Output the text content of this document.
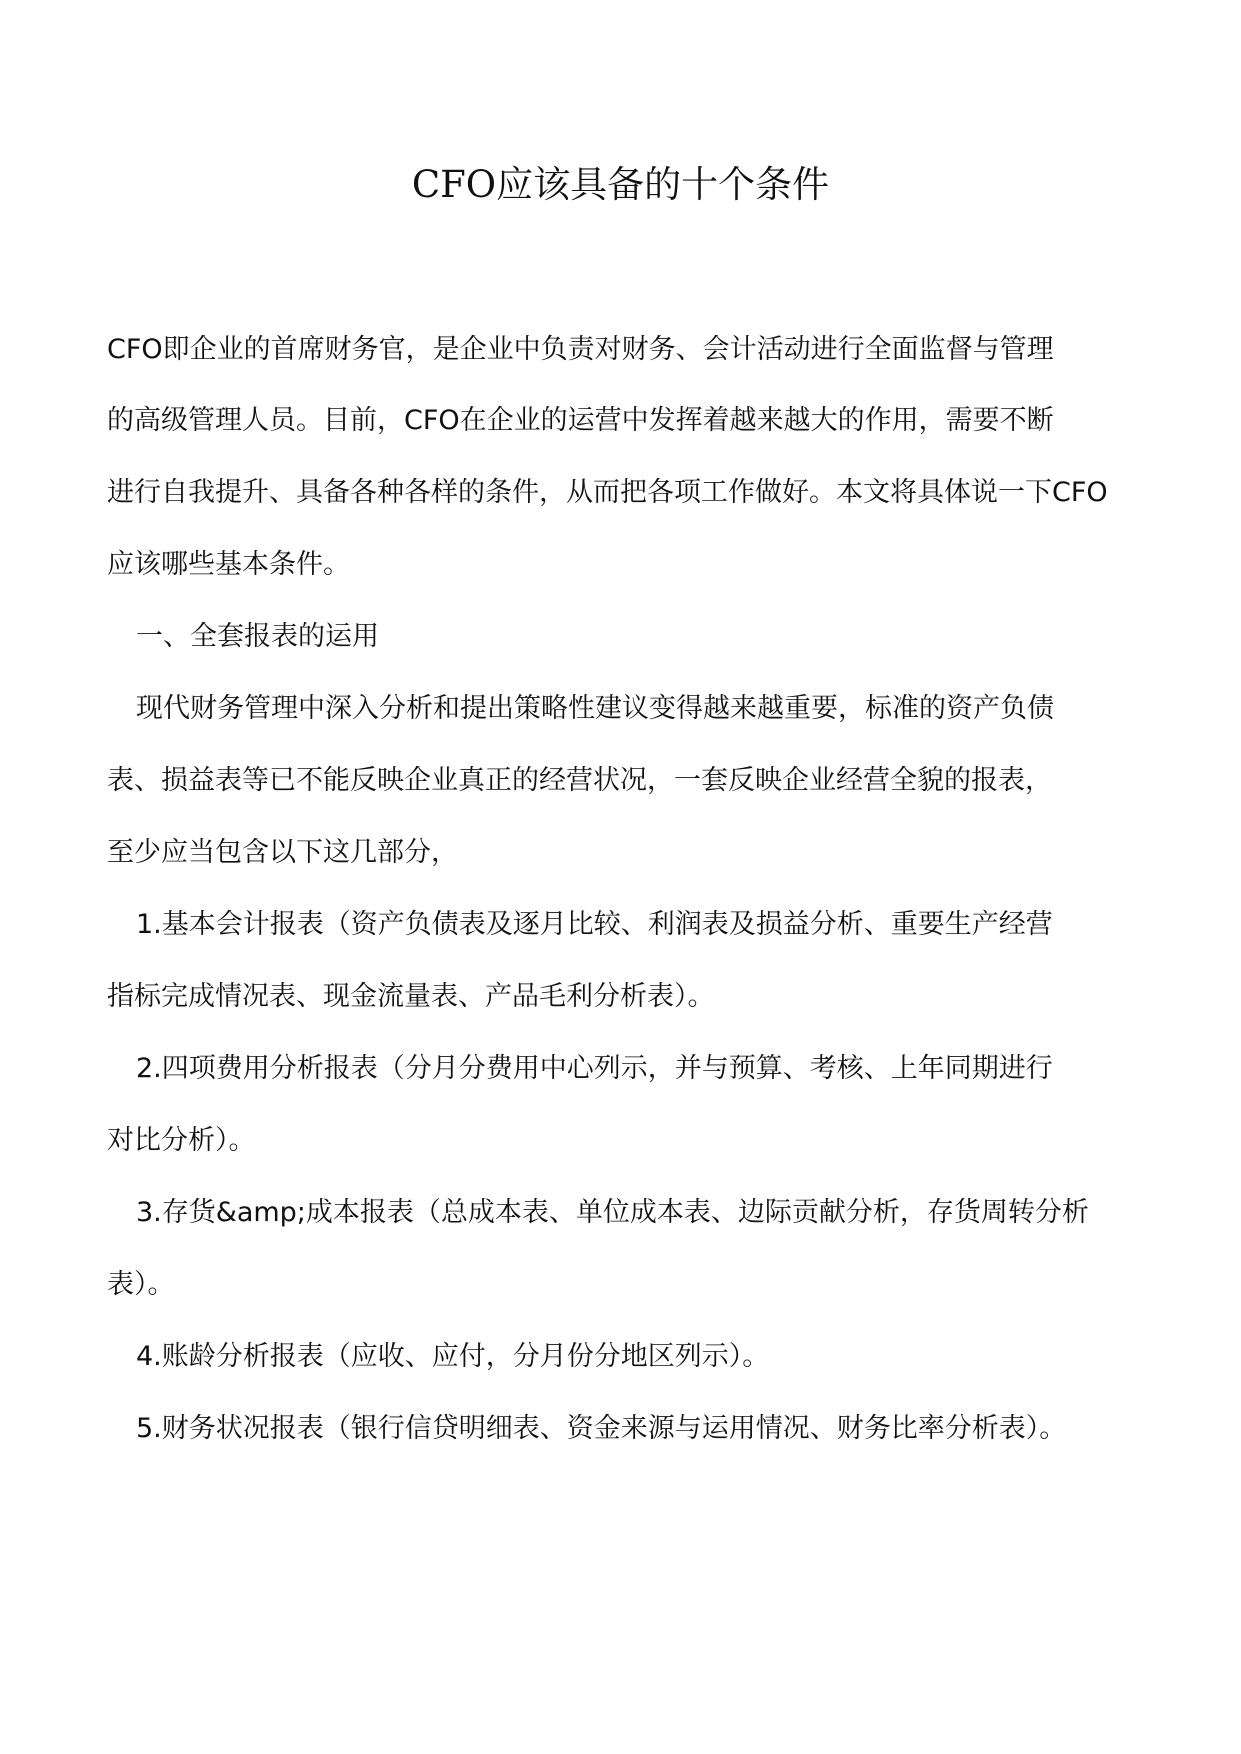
CFO应该具备的十个条件

CFO即企业的首席财务官，是企业中负责对财务、会计活动进行全面监督与管理

的高级管理人员。目前，CFO在企业的运营中发挥着越来越大的作用，需要不断

进行自我提升、具备各种各样的条件，从而把各项工作做好。本文将具体说一下CFO

应该哪些基本条件。

一、全套报表的运用

现代财务管理中深入分析和提出策略性建议变得越来越重要，标准的资产负债

表、损益表等已不能反映企业真正的经营状况，一套反映企业经营全貌的报表，

至少应当包含以下这几部分，

1.基本会计报表（资产负债表及逐月比较、利润表及损益分析、重要生产经营

指标完成情况表、现金流量表、产品毛利分析表）。

2.四项费用分析报表（分月分费用中心列示，并与预算、考核、上年同期进行

对比分析）。

3.存货&amp;成本报表（总成本表、单位成本表、边际贡献分析，存货周转分析

表）。

4.账龄分析报表（应收、应付，分月份分地区列示）。

5.财务状况报表（银行信贷明细表、资金来源与运用情况、财务比率分析表）。
